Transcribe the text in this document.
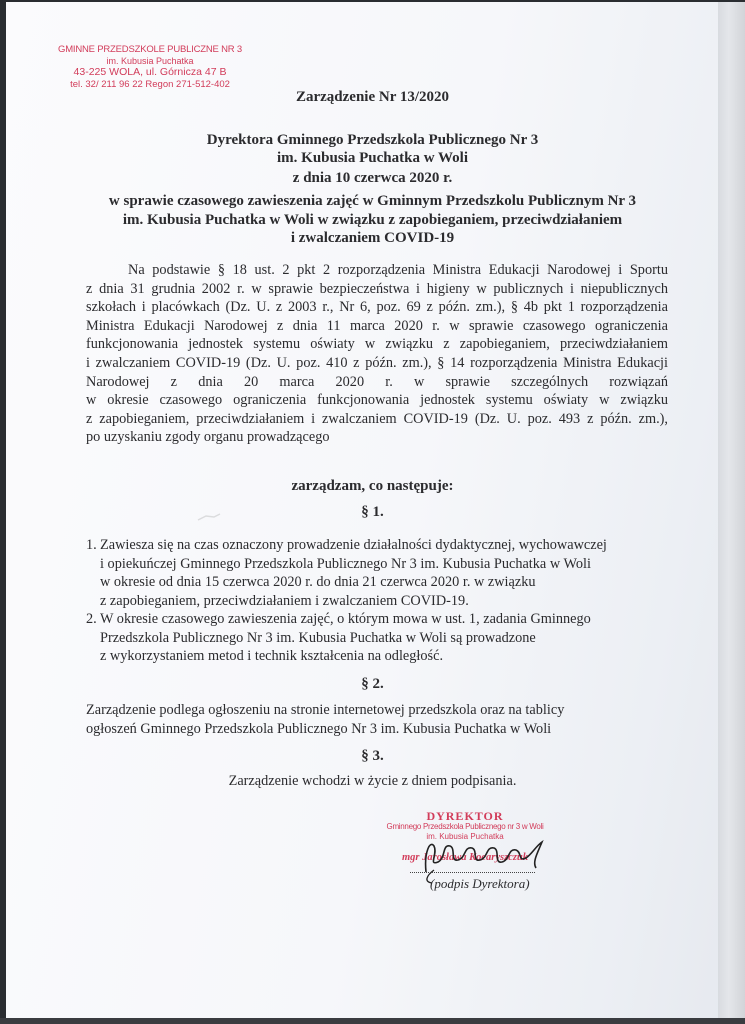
GMINNE PRZEDSZKOLE PUBLICZNE NR 3
im. Kubusia Puchatka
43-225 WOLA, ul. Górnicza 47 B
tel. 32/ 211 96 22 Regon 271-512-402
Zarządzenie Nr 13/2020
Dyrektora Gminnego Przedszkola Publicznego Nr 3
im. Kubusia Puchatka w Woli
z dnia 10 czerwca 2020 r.
w sprawie czasowego zawieszenia zajęć w Gminnym Przedszkolu Publicznym Nr 3
im. Kubusia Puchatka w Woli w związku z zapobieganiem, przeciwdziałaniem
i zwalczaniem COVID-19
Na podstawie § 18 ust. 2 pkt 2 rozporządzenia Ministra Edukacji Narodowej i Sportu
z dnia 31 grudnia 2002 r. w sprawie bezpieczeństwa i higieny w publicznych i niepublicznych
szkołach i placówkach (Dz. U. z 2003 r., Nr 6, poz. 69 z późn. zm.), § 4b pkt 1 rozporządzenia
Ministra Edukacji Narodowej z dnia 11 marca 2020 r. w sprawie czasowego ograniczenia
funkcjonowania jednostek systemu oświaty w związku z zapobieganiem, przeciwdziałaniem
i zwalczaniem COVID-19 (Dz. U. poz. 410 z późn. zm.), § 14 rozporządzenia Ministra Edukacji
Narodowej z dnia 20 marca 2020 r. w sprawie szczególnych rozwiązań
w okresie czasowego ograniczenia funkcjonowania jednostek systemu oświaty w związku
z zapobieganiem, przeciwdziałaniem i zwalczaniem COVID-19 (Dz. U. poz. 493 z późn. zm.),
po uzyskaniu zgody organu prowadzącego
zarządzam, co następuje:
§ 1.
1. Zawiesza się na czas oznaczony prowadzenie działalności dydaktycznej, wychowawczej
i opiekuńczej Gminnego Przedszkola Publicznego Nr 3 im. Kubusia Puchatka w Woli
w okresie od dnia 15 czerwca 2020 r. do dnia 21 czerwca 2020 r. w związku
z zapobieganiem, przeciwdziałaniem i zwalczaniem COVID-19.
2. W okresie czasowego zawieszenia zajęć, o którym mowa w ust. 1, zadania Gminnego
Przedszkola Publicznego Nr 3 im. Kubusia Puchatka w Woli są prowadzone
z wykorzystaniem metod i technik kształcenia na odległość.
§ 2.
Zarządzenie podlega ogłoszeniu na stronie internetowej przedszkola oraz na tablicy
ogłoszeń Gminnego Przedszkola Publicznego Nr 3 im. Kubusia Puchatka w Woli
§ 3.
Zarządzenie wchodzi w życie z dniem podpisania.
DYREKTOR
Gminnego Przedszkola Publicznego nr 3 w Woli
im. Kubusia Puchatka
mgr Jarosława Kocaryszczuk
(podpis Dyrektora)
